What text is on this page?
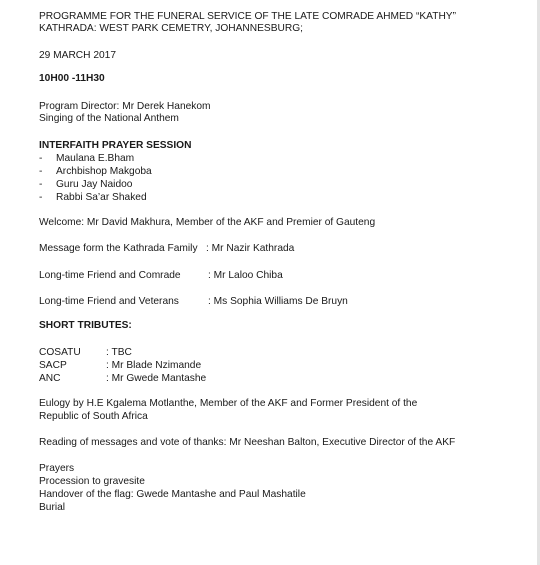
PROGRAMME FOR THE FUNERAL SERVICE OF THE LATE COMRADE AHMED “KATHY”
KATHRADA: WEST PARK CEMETRY, JOHANNESBURG;
29 MARCH 2017
10H00 -11H30
Program Director: Mr Derek Hanekom
Singing of the National Anthem
INTERFAITH PRAYER SESSION
- Maulana E.Bham
- Archbishop Makgoba
- Guru Jay Naidoo
- Rabbi Sa’ar Shaked
Welcome: Mr David Makhura, Member of the AKF and Premier of Gauteng
Message form the Kathrada Family : Mr Nazir Kathrada
Long-time Friend and Comrade	: Mr Laloo Chiba
Long-time Friend and Veterans	: Ms Sophia Williams De Bruyn
SHORT TRIBUTES:
COSATU : TBC
SACP	: Mr Blade Nzimande
ANC	: Mr Gwede Mantashe
Eulogy by H.E Kgalema Motlanthe, Member of the AKF and Former President of the
Republic of South Africa
Reading of messages and vote of thanks: Mr Neeshan Balton, Executive Director of the AKF
Prayers
Procession to gravesite
Handover of the flag: Gwede Mantashe and Paul Mashatile
Burial
